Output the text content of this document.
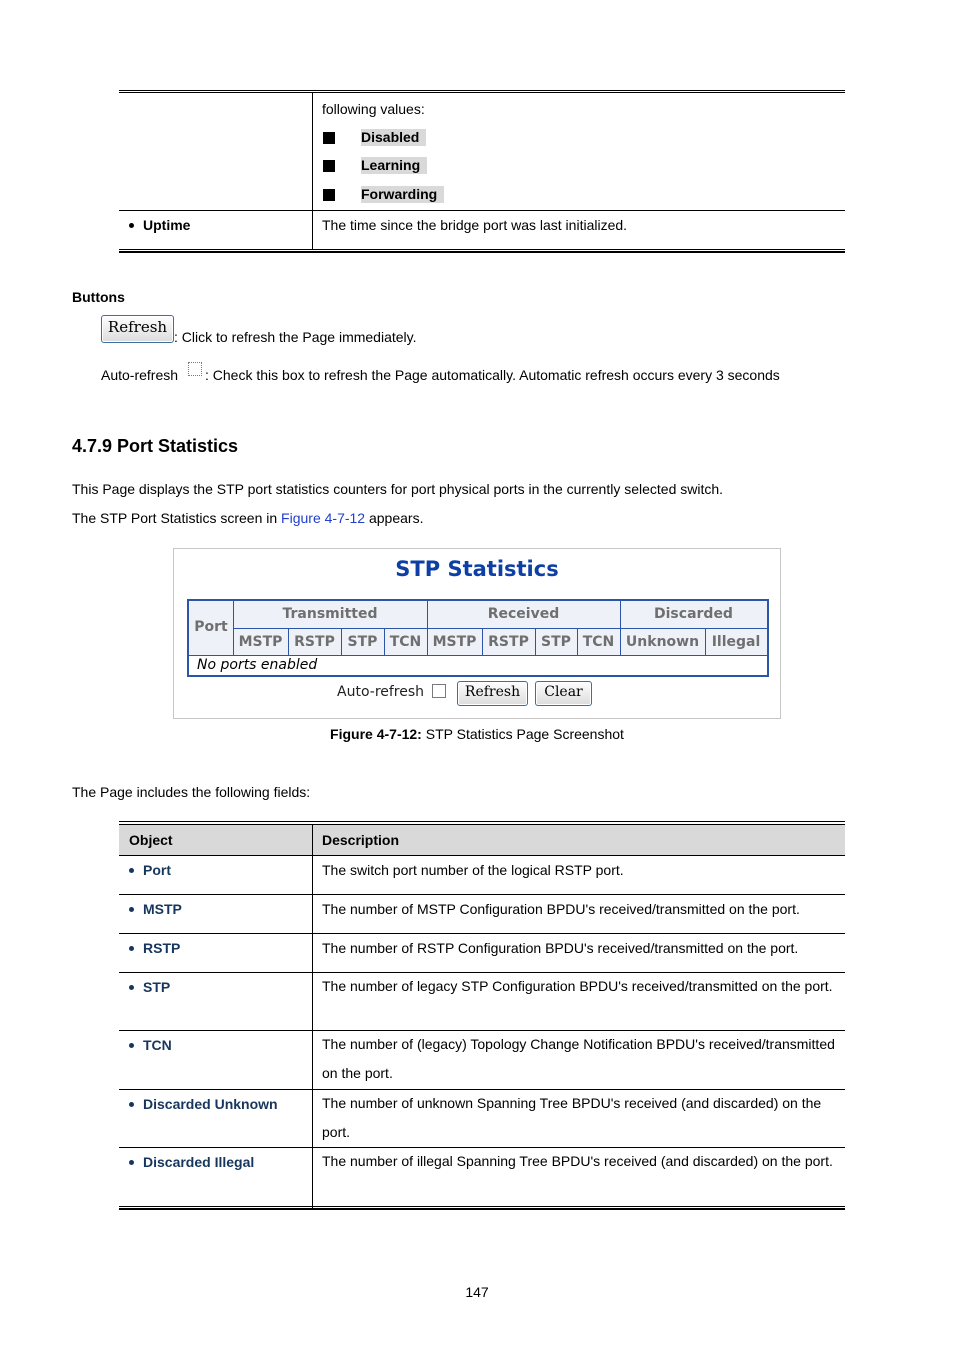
following values:
Disabled
Learning
Forwarding
Uptime	The time since the bridge port was last initialized.
Buttons
Refresh
: Click to refresh the Page immediately.
Auto-refresh : Check this box to refresh the Page automatically. Automatic refresh occurs every 3 seconds
4.7.9 Port Statistics
This Page displays the STP port statistics counters for port physical ports in the currently selected switch.
The STP Port Statistics screen in Figure 4-7-12 appears.
STP Statistics
Port
Transmitted	Received	Discarded
MSTP RSTP STP TCN MSTP RSTP STP TCN Unknown Illegal
No ports enabled
Auto-refresh	Refresh	Clear
Figure 4-7-12: STP Statistics Page Screenshot
The Page includes the following fields:
Object	Description
Port	The switch port number of the logical RSTP port.
MSTP	The number of MSTP Configuration BPDU's received/transmitted on the port.
RSTP	The number of RSTP Configuration BPDU's received/transmitted on the port.
STP	The number of legacy STP Configuration BPDU's received/transmitted on the port.
TCN	The number of (legacy) Topology Change Notification BPDU's received/transmitted on the port.
Discarded Unknown	The number of unknown Spanning Tree BPDU's received (and discarded) on the port.
Discarded Illegal	The number of illegal Spanning Tree BPDU's received (and discarded) on the port.
147
